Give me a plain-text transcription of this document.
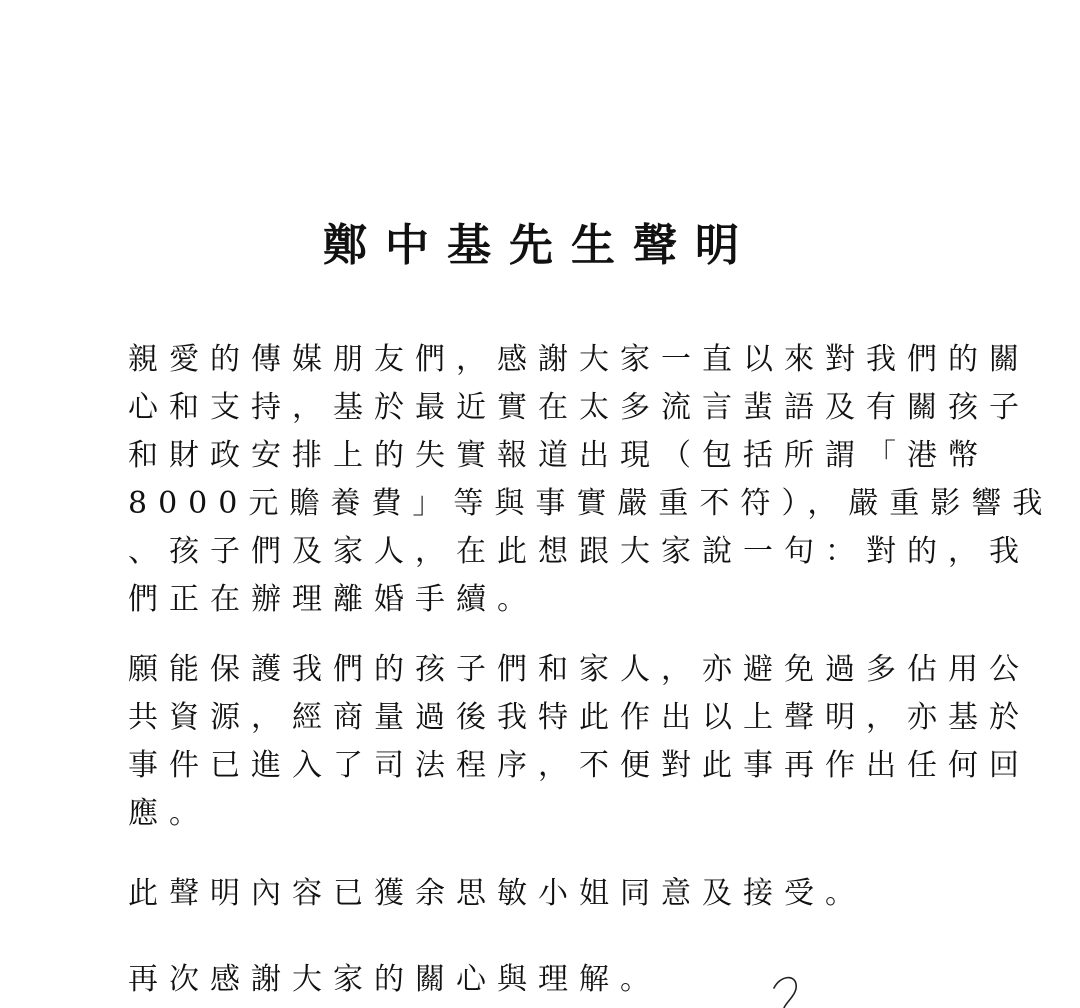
鄭中基先生聲明
親愛的傳媒朋友們，感謝大家一直以來對我們的關
心和支持，基於最近實在太多流言蜚語及有關孩子
和財政安排上的失實報道出現（包括所謂「港幣
8000元贍養費」等與事實嚴重不符），嚴重影響我
、孩子們及家人，在此想跟大家說一句：對的，我
們正在辦理離婚手續。
願能保護我們的孩子們和家人，亦避免過多佔用公
共資源，經商量過後我特此作出以上聲明，亦基於
事件已進入了司法程序，不便對此事再作出任何回
應。
此聲明內容已獲余思敏小姐同意及接受。
再次感謝大家的關心與理解。
